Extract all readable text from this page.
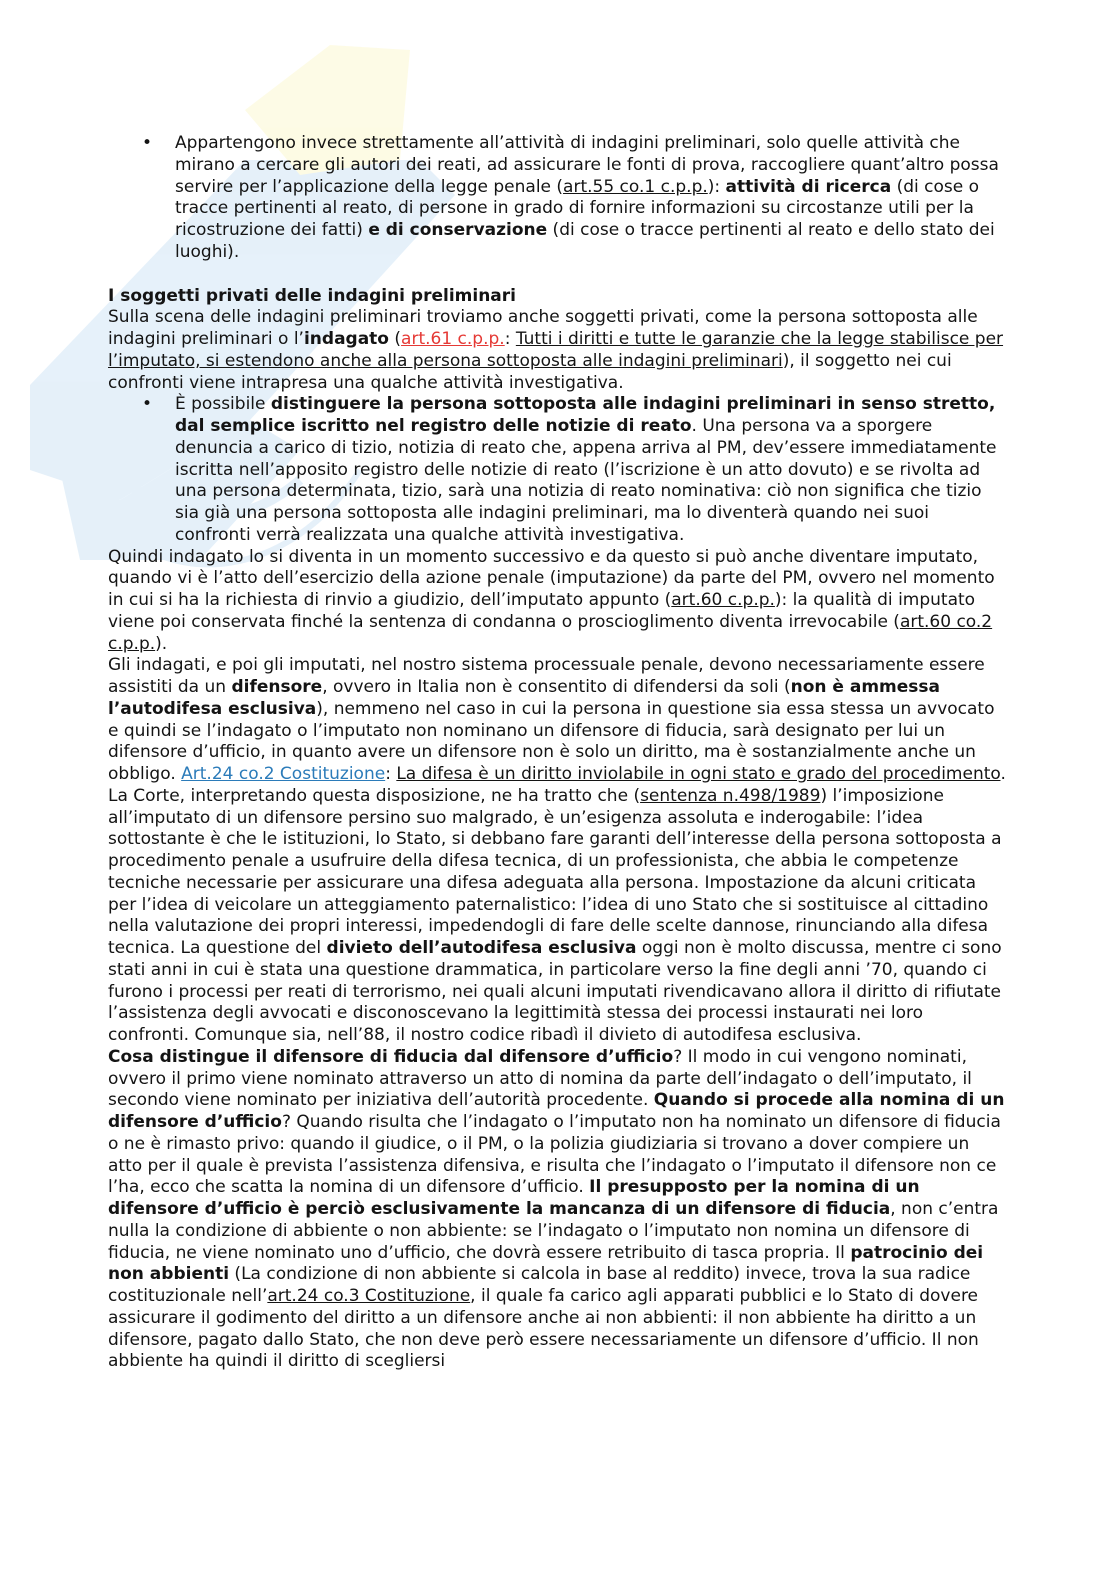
• Appartengono invece strettamente all’attività di indagini preliminari, solo quelle attività che mirano a cercare gli autori dei reati, ad assicurare le fonti di prova, raccogliere quant’altro possa servire per l’applicazione della legge penale (art.55 co.1 c.p.p.): attività di ricerca (di cose o tracce pertinenti al reato, di persone in grado di fornire informazioni su circostanze utili per la ricostruzione dei fatti) e di conservazione (di cose o tracce pertinenti al reato e dello stato dei luoghi).

I soggetti privati delle indagini preliminari

Sulla scena delle indagini preliminari troviamo anche soggetti privati, come la persona sottoposta alle indagini preliminari o l’indagato (art.61 c.p.p.: Tutti i diritti e tutte le garanzie che la legge stabilisce per l’imputato, si estendono anche alla persona sottoposta alle indagini preliminari), il soggetto nei cui confronti viene intrapresa una qualche attività investigativa.

• È possibile distinguere la persona sottoposta alle indagini preliminari in senso stretto, dal semplice iscritto nel registro delle notizie di reato. Una persona va a sporgere denuncia a carico di tizio, notizia di reato che, appena arriva al PM, dev’essere immediatamente iscritta nell’apposito registro delle notizie di reato (l’iscrizione è un atto dovuto) e se rivolta ad una persona determinata, tizio, sarà una notizia di reato nominativa: ciò non significa che tizio sia già una persona sottoposta alle indagini preliminari, ma lo diventerà quando nei suoi confronti verrà realizzata una qualche attività investigativa.

Quindi indagato lo si diventa in un momento successivo e da questo si può anche diventare imputato, quando vi è l’atto dell’esercizio della azione penale (imputazione) da parte del PM, ovvero nel momento in cui si ha la richiesta di rinvio a giudizio, dell’imputato appunto (art.60 c.p.p.): la qualità di imputato viene poi conservata finché la sentenza di condanna o proscioglimento diventa irrevocabile (art.60 co.2 c.p.p.).

Gli indagati, e poi gli imputati, nel nostro sistema processuale penale, devono necessariamente essere assistiti da un difensore, ovvero in Italia non è consentito di difendersi da soli (non è ammessa l’autodifesa esclusiva), nemmeno nel caso in cui la persona in questione sia essa stessa un avvocato e quindi se l’indagato o l’imputato non nominano un difensore di fiducia, sarà designato per lui un difensore d’ufficio, in quanto avere un difensore non è solo un diritto, ma è sostanzialmente anche un obbligo. Art.24 co.2 Costituzione: La difesa è un diritto inviolabile in ogni stato e grado del procedimento. La Corte, interpretando questa disposizione, ne ha tratto che (sentenza n.498/1989) l’imposizione all’imputato di un difensore persino suo malgrado, è un’esigenza assoluta e inderogabile: l’idea sottostante è che le istituzioni, lo Stato, si debbano fare garanti dell’interesse della persona sottoposta a procedimento penale a usufruire della difesa tecnica, di un professionista, che abbia le competenze tecniche necessarie per assicurare una difesa adeguata alla persona. Impostazione da alcuni criticata per l’idea di veicolare un atteggiamento paternalistico: l’idea di uno Stato che si sostituisce al cittadino nella valutazione dei propri interessi, impedendogli di fare delle scelte dannose, rinunciando alla difesa tecnica. La questione del divieto dell’autodifesa esclusiva oggi non è molto discussa, mentre ci sono stati anni in cui è stata una questione drammatica, in particolare verso la fine degli anni ’70, quando ci furono i processi per reati di terrorismo, nei quali alcuni imputati rivendicavano allora il diritto di rifiutate l’assistenza degli avvocati e disconoscevano la legittimità stessa dei processi instaurati nei loro confronti. Comunque sia, nell’88, il nostro codice ribadì il divieto di autodifesa esclusiva.

Cosa distingue il difensore di fiducia dal difensore d’ufficio? Il modo in cui vengono nominati, ovvero il primo viene nominato attraverso un atto di nomina da parte dell’indagato o dell’imputato, il secondo viene nominato per iniziativa dell’autorità procedente. Quando si procede alla nomina di un difensore d’ufficio? Quando risulta che l’indagato o l’imputato non ha nominato un difensore di fiducia o ne è rimasto privo: quando il giudice, o il PM, o la polizia giudiziaria si trovano a dover compiere un atto per il quale è prevista l’assistenza difensiva, e risulta che l’indagato o l’imputato il difensore non ce l’ha, ecco che scatta la nomina di un difensore d’ufficio. Il presupposto per la nomina di un difensore d’ufficio è perciò esclusivamente la mancanza di un difensore di fiducia, non c’entra nulla la condizione di abbiente o non abbiente: se l’indagato o l’imputato non nomina un difensore di fiducia, ne viene nominato uno d’ufficio, che dovrà essere retribuito di tasca propria. Il patrocinio dei non abbienti (La condizione di non abbiente si calcola in base al reddito) invece, trova la sua radice costituzionale nell’art.24 co.3 Costituzione, il quale fa carico agli apparati pubblici e lo Stato di dovere assicurare il godimento del diritto a un difensore anche ai non abbienti: il non abbiente ha diritto a un difensore, pagato dallo Stato, che non deve però essere necessariamente un difensore d’ufficio. Il non abbiente ha quindi il diritto di scegliersi
